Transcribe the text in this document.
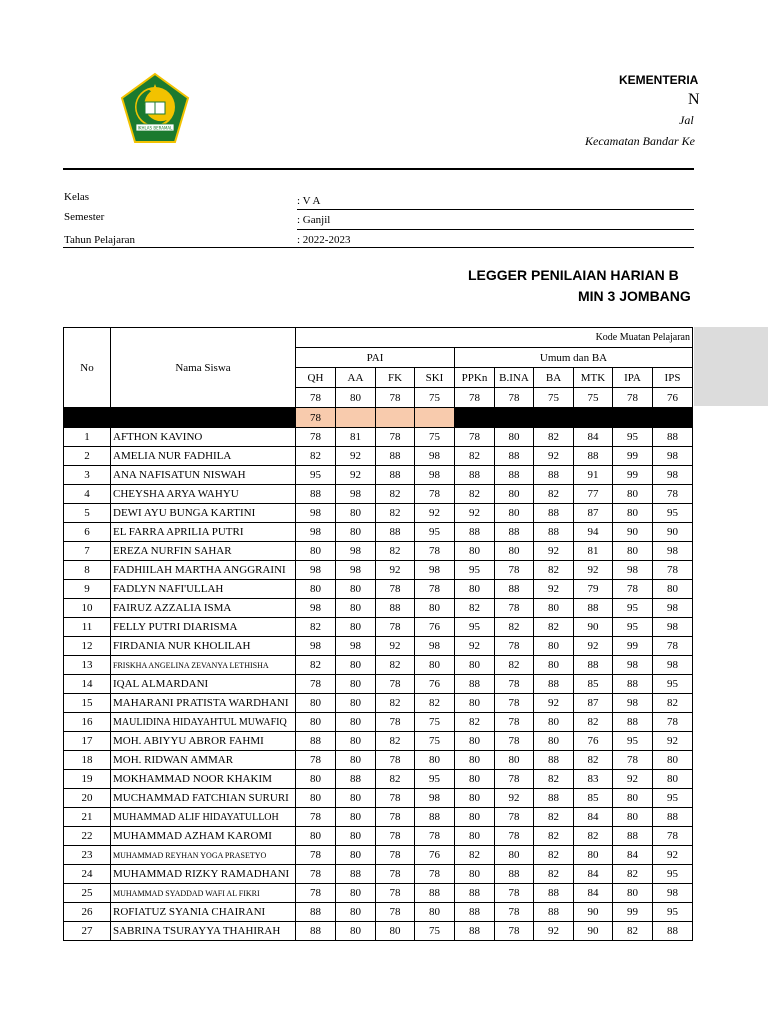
IKHLAS BERAMAL
KEMENTERIA
N
Jal
Kecamatan Bandar Ke
Kelas	: V A
Semester	: Ganjil
Tahun Pelajaran	: 2022-2023
LEGGER PENILAIAN HARIAN B
MIN 3 JOMBANG
No	Nama Siswa	Kode Muatan Pelajaran									
		PAI				Umum dan BA					
		QH	AA	FK	SKI	PPKn	B.INA	BA	MTK	IPA	IPS
		78	80	78	75	78	78	75	75	78	76
		78									
1	AFTHON KAVINO	78	81	78	75	78	80	82	84	95	88
2	AMELIA NUR FADHILA	82	92	88	98	82	88	92	88	99	98
3	ANA NAFISATUN NISWAH	95	92	88	98	88	88	88	91	99	98
4	CHEYSHA ARYA WAHYU	88	98	82	78	82	80	82	77	80	78
5	DEWI AYU BUNGA KARTINI	98	80	82	92	92	80	88	87	80	95
6	EL FARRA APRILIA PUTRI	98	80	88	95	88	88	88	94	90	90
7	EREZA NURFIN SAHAR	80	98	82	78	80	80	92	81	80	98
8	FADHIILAH MARTHA ANGGRAINI	98	98	92	98	95	78	82	92	98	78
9	FADLYN NAFI'ULLAH	80	80	78	78	80	88	92	79	78	80
10	FAIRUZ AZZALIA ISMA	98	80	88	80	82	78	80	88	95	98
11	FELLY PUTRI DIARISMA	82	80	78	76	95	82	82	90	95	98
12	FIRDANIA NUR KHOLILAH	98	98	92	98	92	78	80	92	99	78
13	FRISKHA ANGELINA ZEVANYA LETHISHA	82	80	82	80	80	82	80	88	98	98
14	IQAL ALMARDANI	78	80	78	76	88	78	88	85	88	95
15	MAHARANI PRATISTA WARDHANI	80	80	82	82	80	78	92	87	98	82
16	MAULIDINA HIDAYAHTUL MUWAFIQ	80	80	78	75	82	78	80	82	88	78
17	MOH. ABIYYU ABROR FAHMI	88	80	82	75	80	78	80	76	95	92
18	MOH. RIDWAN AMMAR	78	80	78	80	80	80	88	82	78	80
19	MOKHAMMAD NOOR KHAKIM	80	88	82	95	80	78	82	83	92	80
20	MUCHAMMAD FATCHIAN SURURI	80	80	78	98	80	92	88	85	80	95
21	MUHAMMAD ALIF HIDAYATULLOH	78	80	78	88	80	78	82	84	80	88
22	MUHAMMAD AZHAM KAROMI	80	80	78	78	80	78	82	82	88	78
23	MUHAMMAD REYHAN YOGA PRASETYO	78	80	78	76	82	80	82	80	84	92
24	MUHAMMAD RIZKY RAMADHANI	78	88	78	78	80	88	82	84	82	95
25	MUHAMMAD SYADDAD WAFI AL FIKRI	78	80	78	88	88	78	88	84	80	98
26	ROFIATUZ SYANIA CHAIRANI	88	80	78	80	88	78	88	90	99	95
27	SABRINA TSURAYYA THAHIRAH	88	80	80	75	88	78	92	90	82	88
